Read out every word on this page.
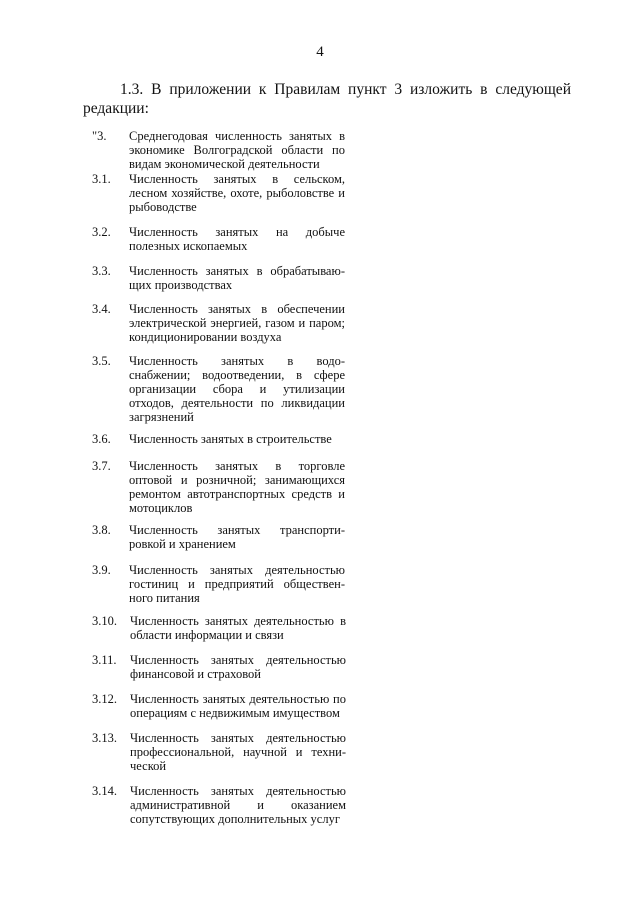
4
1.3. В приложении к Правилам пункт 3 изложить в следующей редакции:
"3.	Среднегодовая численность занятых в экономике Волгоградской области по видам экономической деятельности
3.1.	Численность занятых в сельском, лесном хозяйстве, охоте, рыболовстве и рыбоводстве
3.2.	Численность занятых на добыче полезных ископаемых
3.3.	Численность занятых в обрабатываю-щих производствах
3.4.	Численность занятых в обеспечении электрической энергией, газом и паром; кондиционировании воздуха
3.5.	Численность занятых в водо-снабжении; водоотведении, в сфере организации сбора и утилизации отходов, деятельности по ликвидации загрязнений
3.6.	Численность занятых в строительстве
3.7.	Численность занятых в торговле оптовой и розничной; занимающихся ремонтом автотранспортных средств и мотоциклов
3.8.	Численность занятых транспорти-ровкой и хранением
3.9.	Численность занятых деятельностью гостиниц и предприятий обществен-ного питания
3.10.	Численность занятых деятельностью в области информации и связи
3.11.	Численность занятых деятельностью финансовой и страховой
3.12.	Численность занятых деятельностью по операциям с недвижимым имуществом
3.13.	Численность занятых деятельностью профессиональной, научной и техни-ческой
3.14.	Численность занятых деятельностью административной и оказанием сопутствующих дополнительных услуг
